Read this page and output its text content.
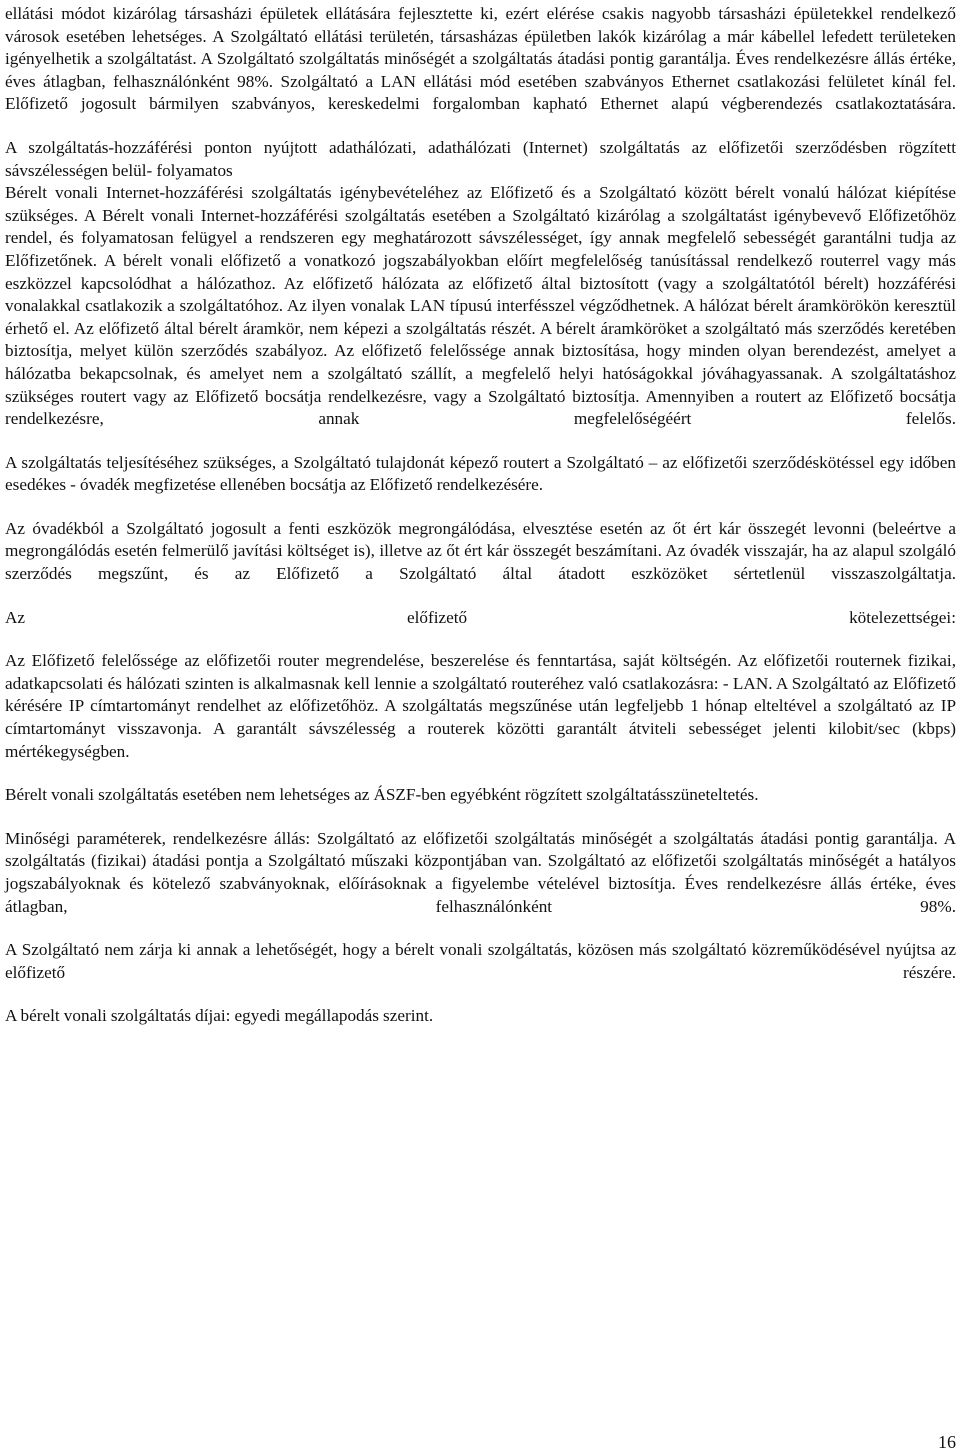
ellátási módot kizárólag társasházi épületek ellátására fejlesztette ki, ezért elérése csakis nagyobb társasházi épületekkel rendelkező városok esetében lehetséges. A Szolgáltató ellátási területén, társasházas épületben lakók kizárólag a már kábellel lefedett területeken igényelhetik a szolgáltatást. A Szolgáltató szolgáltatás minőségét a szolgáltatás átadási pontig garantálja. Éves rendelkezésre állás értéke, éves átlagban, felhasználónként 98%. Szolgáltató a LAN ellátási mód esetében szabványos Ethernet csatlakozási felületet kínál fel. Előfizető jogosult bármilyen szabványos, kereskedelmi forgalomban kapható Ethernet alapú végberendezés csatlakoztatására.

A szolgáltatás-hozzáférési ponton nyújtott adathálózati, adathálózati (Internet) szolgáltatás az előfizetői szerződésben rögzített sávszélességen belül- folyamatos

Bérelt vonali Internet-hozzáférési szolgáltatás igénybevételéhez az Előfizető és a Szolgáltató között bérelt vonalú hálózat kiépítése szükséges. A Bérelt vonali Internet-hozzáférési szolgáltatás esetében a Szolgáltató kizárólag a szolgáltatást igénybevevő Előfizetőhöz rendel, és folyamatosan felügyel a rendszeren egy meghatározott sávszélességet, így annak megfelelő sebességét garantálni tudja az Előfizetőnek. A bérelt vonali előfizető a vonatkozó jogszabályokban előírt megfelelőség tanúsítással rendelkező routerrel vagy más eszközzel kapcsolódhat a hálózathoz. Az előfizető hálózata az előfizető által biztosított (vagy a szolgáltatótól bérelt) hozzáférési vonalakkal csatlakozik a szolgáltatóhoz. Az ilyen vonalak LAN típusú interfésszel végződhetnek. A hálózat bérelt áramkörökön keresztül érhető el. Az előfizető által bérelt áramkör, nem képezi a szolgáltatás részét. A bérelt áramköröket a szolgáltató más szerződés keretében biztosítja, melyet külön szerződés szabályoz. Az előfizető felelőssége annak biztosítása, hogy minden olyan berendezést, amelyet a hálózatba bekapcsolnak, és amelyet nem a szolgáltató szállít, a megfelelő helyi hatóságokkal jóváhagyassanak. A szolgáltatáshoz szükséges routert vagy az Előfizető bocsátja rendelkezésre, vagy a Szolgáltató biztosítja. Amennyiben a routert az Előfizető bocsátja rendelkezésre, annak megfelelőségéért felelős.

A szolgáltatás teljesítéséhez szükséges, a Szolgáltató tulajdonát képező routert a Szolgáltató – az előfizetői szerződéskötéssel egy időben esedékes - óvadék megfizetése ellenében bocsátja az Előfizető rendelkezésére.

Az óvadékból a Szolgáltató jogosult a fenti eszközök megrongálódása, elvesztése esetén az őt ért kár összegét levonni (beleértve a megrongálódás esetén felmerülő javítási költséget is), illetve az őt ért kár összegét beszámítani. Az óvadék visszajár, ha az alapul szolgáló szerződés megszűnt, és az Előfizető a Szolgáltató által átadott eszközöket sértetlenül visszaszolgáltatja.

Az előfizető kötelezettségei:

Az Előfizető felelőssége az előfizetői router megrendelése, beszerelése és fenntartása, saját költségén. Az előfizetői routernek fizikai, adatkapcsolati és hálózati szinten is alkalmasnak kell lennie a szolgáltató routeréhez való csatlakozásra: - LAN. A Szolgáltató az Előfizető kérésére IP címtartományt rendelhet az előfizetőhöz. A szolgáltatás megszűnése után legfeljebb 1 hónap elteltével a szolgáltató az IP címtartományt visszavonja. A garantált sávszélesség a routerek közötti garantált átviteli sebességet jelenti kilobit/sec (kbps) mértékegységben.

Bérelt vonali szolgáltatás esetében nem lehetséges az ÁSZF-ben egyébként rögzített szolgáltatásszüneteltetés.

Minőségi paraméterek, rendelkezésre állás: Szolgáltató az előfizetői szolgáltatás minőségét a szolgáltatás átadási pontig garantálja. A szolgáltatás (fizikai) átadási pontja a Szolgáltató műszaki központjában van. Szolgáltató az előfizetői szolgáltatás minőségét a hatályos jogszabályoknak és kötelező szabványoknak, előírásoknak a figyelembe vételével biztosítja. Éves rendelkezésre állás értéke, éves átlagban, felhasználónként 98%.

A Szolgáltató nem zárja ki annak a lehetőségét, hogy a bérelt vonali szolgáltatás, közösen más szolgáltató közreműködésével nyújtsa az előfizető részére.

A bérelt vonali szolgáltatás díjai: egyedi megállapodás szerint.

16
